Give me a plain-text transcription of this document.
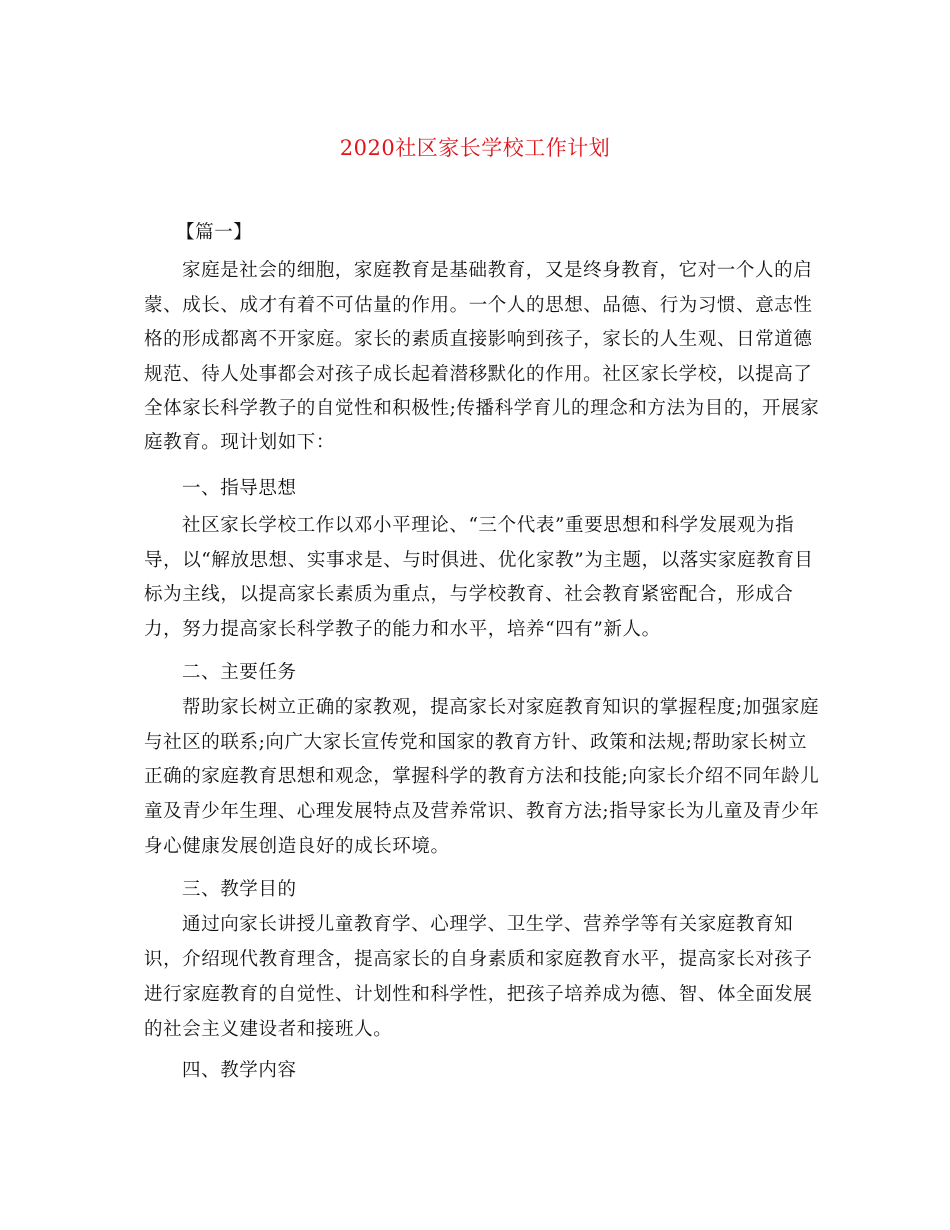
2020社区家长学校工作计划
【篇一】
家庭是社会的细胞，家庭教育是基础教育，又是终身教育，它对一个人的启
蒙、成长、成才有着不可估量的作用。一个人的思想、品德、行为习惯、意志性
格的形成都离不开家庭。家长的素质直接影响到孩子，家长的人生观、日常道德
规范、待人处事都会对孩子成长起着潜移默化的作用。社区家长学校，以提高了
全体家长科学教子的自觉性和积极性;传播科学育儿的理念和方法为目的，开展家
庭教育。现计划如下：
一、指导思想
社区家长学校工作以邓小平理论、“三个代表”重要思想和科学发展观为指
导，以“解放思想、实事求是、与时俱进、优化家教”为主题，以落实家庭教育目
标为主线，以提高家长素质为重点，与学校教育、社会教育紧密配合，形成合
力，努力提高家长科学教子的能力和水平，培养“四有”新人。
二、主要任务
帮助家长树立正确的家教观，提高家长对家庭教育知识的掌握程度;加强家庭
与社区的联系;向广大家长宣传党和国家的教育方针、政策和法规;帮助家长树立
正确的家庭教育思想和观念，掌握科学的教育方法和技能;向家长介绍不同年龄儿
童及青少年生理、心理发展特点及营养常识、教育方法;指导家长为儿童及青少年
身心健康发展创造良好的成长环境。
三、教学目的
通过向家长讲授儿童教育学、心理学、卫生学、营养学等有关家庭教育知
识，介绍现代教育理含，提高家长的自身素质和家庭教育水平，提高家长对孩子
进行家庭教育的自觉性、计划性和科学性，把孩子培养成为德、智、体全面发展
的社会主义建设者和接班人。
四、教学内容
